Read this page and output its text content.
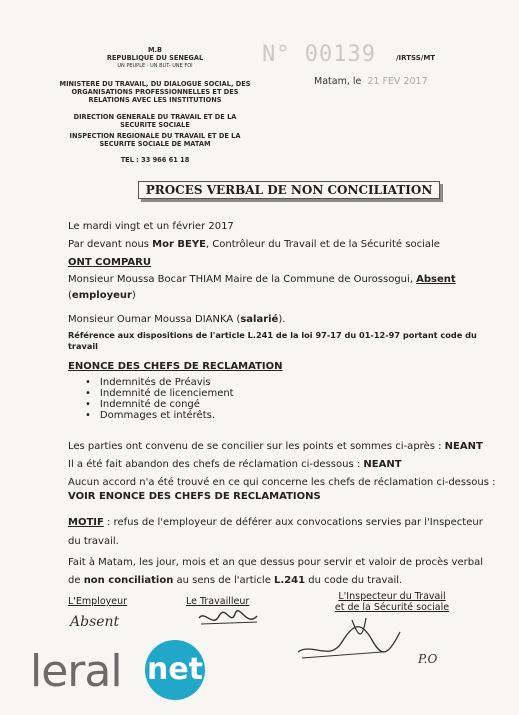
M.B
REPUBLIQUE DU SENEGAL
UN PEUPLE - UN BUT- UNE FOI
MINISTERE DU TRAVAIL, DU DIALOGUE SOCIAL, DES
ORGANISATIONS PROFESSIONNELLES ET DES
RELATIONS AVEC LES INSTITUTIONS
DIRECTION GENERALE DU TRAVAIL ET DE LA
SECURITE SOCIALE
INSPECTION REGIONALE DU TRAVAIL ET DE LA
SECURITE SOCIALE DE MATAM
TEL : 33 966 61 18
N° 00139	/IRTSS/MT
Matam, le 21 FEV 2017
PROCES VERBAL DE NON CONCILIATION
Le mardi vingt et un février 2017
Par devant nous Mor BEYE, Contrôleur du Travail et de la Sécurité sociale
ONT COMPARU
Monsieur Moussa Bocar THIAM Maire de la Commune de Ourossogui, Absent
(employeur)
Monsieur Oumar Moussa DIANKA (salarié).
Référence aux dispositions de l'article L.241 de la loi 97-17 du 01-12-97 portant code du
travail
ENONCE DES CHEFS DE RECLAMATION
• Indemnités de Préavis
• Indemnité de licenciement
• Indemnité de congé
• Dommages et intérêts.
Les parties ont convenu de se concilier sur les points et sommes ci-après : NEANT
Il a été fait abandon des chefs de réclamation ci-dessous : NEANT
Aucun accord n'a été trouvé en ce qui concerne les chefs de réclamation ci-dessous :
VOIR ENONCE DES CHEFS DE RECLAMATIONS
MOTIF : refus de l'employeur de déférer aux convocations servies par l'Inspecteur
du travail.
Fait à Matam, les jour, mois et an que dessus pour servir et valoir de procès verbal
de non conciliation au sens de l'article L.241 du code du travail.
L'Employeur	Le Travailleur	L'Inspecteur du Travail
et de la Sécurité sociale
Absent
P.O
leral net
